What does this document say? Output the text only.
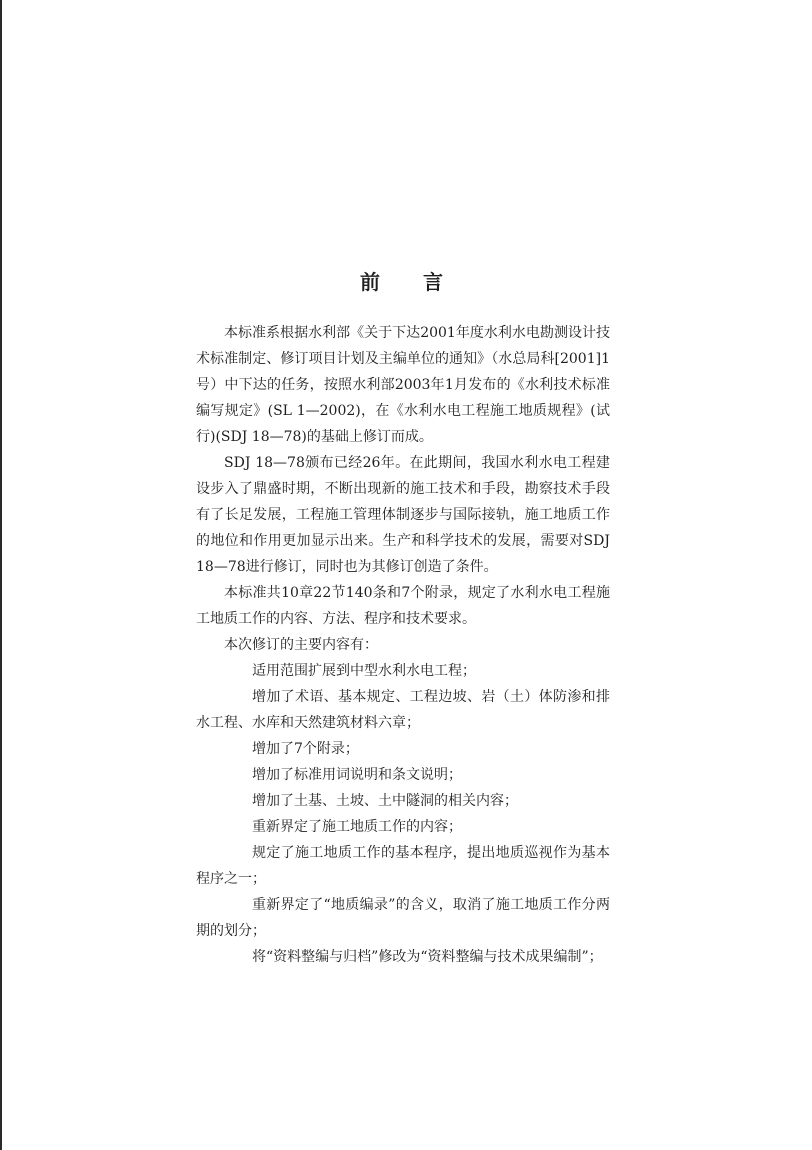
前 言

本标准系根据水利部《关于下达2001年度水利水电勘测设计技术标准制定、修订项目计划及主编单位的通知》（水总局科[2001]1号）中下达的任务，按照水利部2003年1月发布的《水利技术标准编写规定》(SL 1—2002)，在《水利水电工程施工地质规程》(试行)(SDJ 18—78)的基础上修订而成。

SDJ 18—78颁布已经26年。在此期间，我国水利水电工程建设步入了鼎盛时期，不断出现新的施工技术和手段，勘察技术手段有了长足发展，工程施工管理体制逐步与国际接轨，施工地质工作的地位和作用更加显示出来。生产和科学技术的发展，需要对SDJ 18—78进行修订，同时也为其修订创造了条件。

本标准共10章22节140条和7个附录，规定了水利水电工程施工地质工作的内容、方法、程序和技术要求。

本次修订的主要内容有：

适用范围扩展到中型水利水电工程；

增加了术语、基本规定、工程边坡、岩（土）体防渗和排水工程、水库和天然建筑材料六章；

增加了7个附录；

增加了标准用词说明和条文说明；

增加了土基、土坡、土中隧洞的相关内容；

重新界定了施工地质工作的内容；

规定了施工地质工作的基本程序，提出地质巡视作为基本程序之一；

重新界定了“地质编录”的含义，取消了施工地质工作分两期的划分；

将“资料整编与归档”修改为“资料整编与技术成果编制”；
